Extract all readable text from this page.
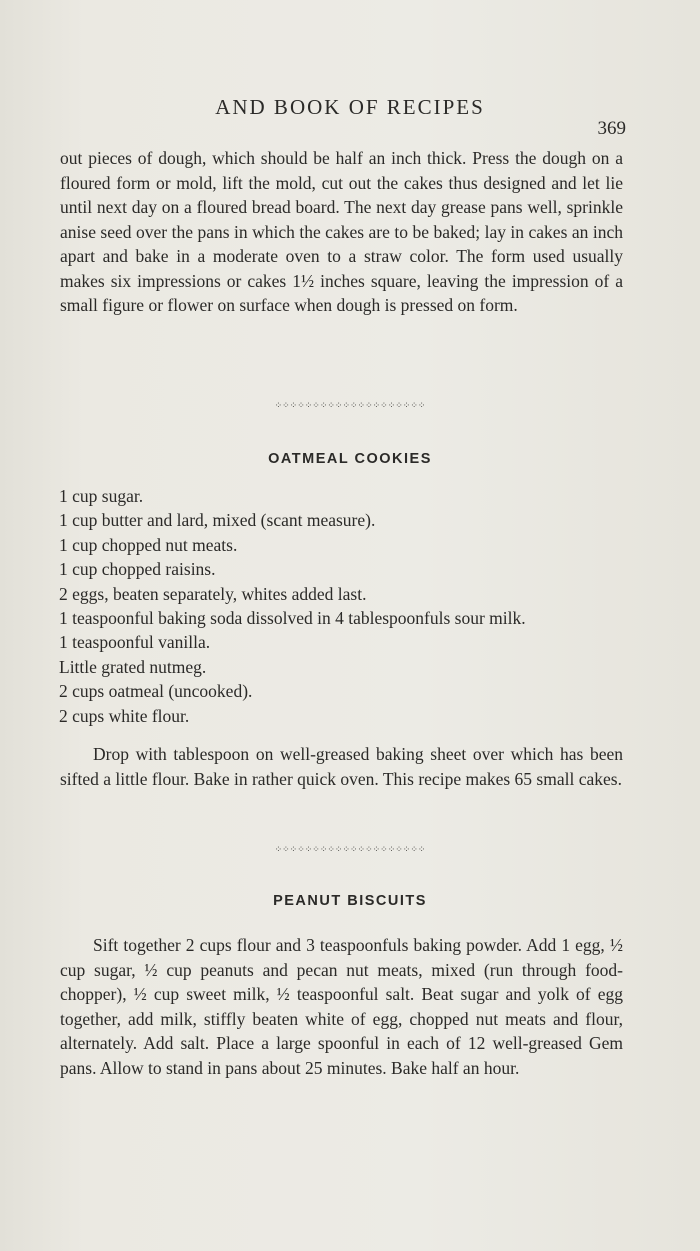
AND BOOK OF RECIPES
369

out pieces of dough, which should be half an inch thick. Press the dough on a floured form or mold, lift the mold, cut out the cakes thus designed and let lie until next day on a floured bread board. The next day grease pans well, sprinkle anise seed over the pans in which the cakes are to be baked; lay in cakes an inch apart and bake in a moderate oven to a straw color. The form used usually makes six impressions or cakes 1½ inches square, leaving the impression of a small figure or flower on surface when dough is pressed on form.

⁘⁘⁘⁘⁘⁘⁘⁘⁘⁘⁘⁘⁘⁘⁘⁘⁘⁘⁘⁘
OATMEAL COOKIES
1 cup sugar.
1 cup butter and lard, mixed (scant measure).
1 cup chopped nut meats.
1 cup chopped raisins.
2 eggs, beaten separately, whites added last.
1 teaspoonful baking soda dissolved in 4 tablespoonfuls sour milk.
1 teaspoonful vanilla.
Little grated nutmeg.
2 cups oatmeal (uncooked).
2 cups white flour.

Drop with tablespoon on well-greased baking sheet over which has been sifted a little flour. Bake in rather quick oven. This recipe makes 65 small cakes.

⁘⁘⁘⁘⁘⁘⁘⁘⁘⁘⁘⁘⁘⁘⁘⁘⁘⁘⁘⁘
PEANUT BISCUITS

Sift together 2 cups flour and 3 teaspoonfuls baking powder. Add 1 egg, ½ cup sugar, ½ cup peanuts and pecan nut meats, mixed (run through food-chopper), ½ cup sweet milk, ½ teaspoonful salt. Beat sugar and yolk of egg together, add milk, stiffly beaten white of egg, chopped nut meats and flour, alternately. Add salt. Place a large spoonful in each of 12 well-greased Gem pans. Allow to stand in pans about 25 minutes. Bake half an hour.
